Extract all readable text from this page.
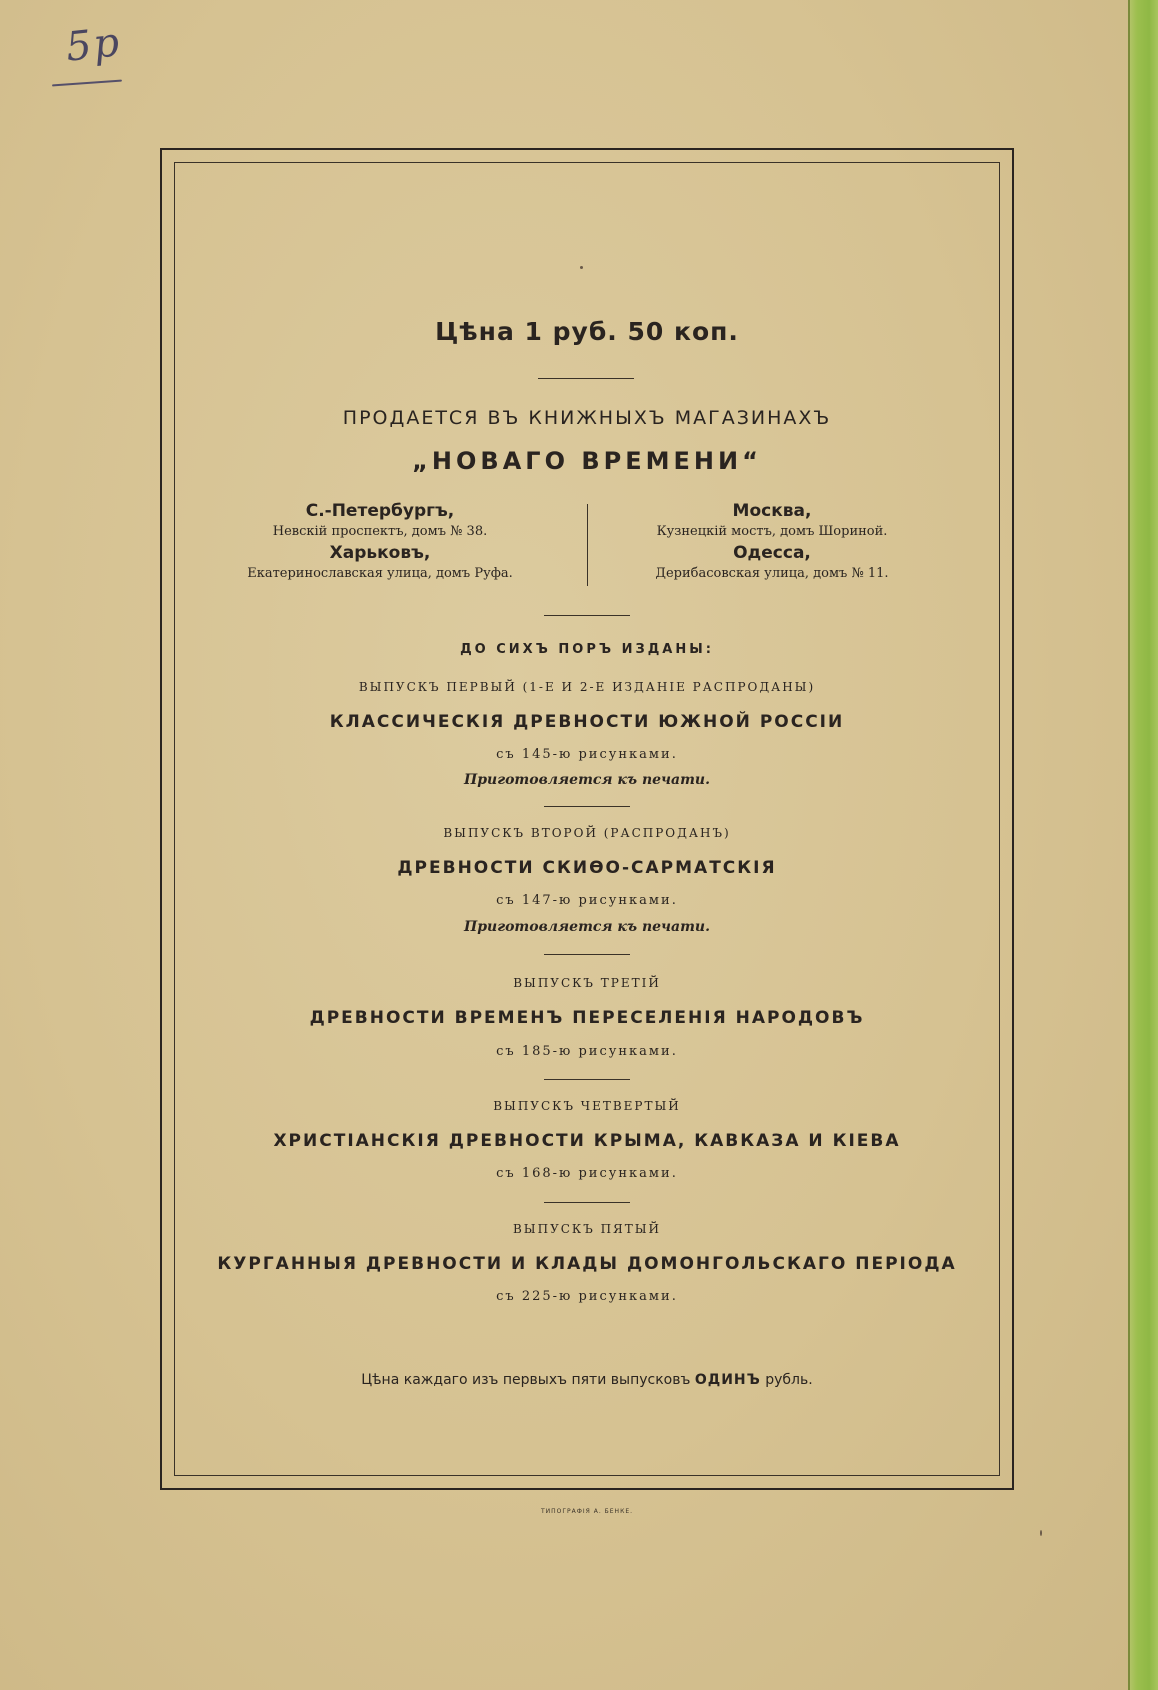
5р
Цѣна 1 руб. 50 коп.
ПРОДАЕТСЯ ВЪ КНИЖНЫХЪ МАГАЗИНАХЪ
„НОВАГО ВРЕМЕНИ“
С.-Петербургъ,
Невскій проспектъ, домъ № 38.
Харьковъ,
Екатеринославская улица, домъ Руфа.
Москва,
Кузнецкій мостъ, домъ Шориной.
Одесса,
Дерибасовская улица, домъ № 11.
ДО СИХЪ ПОРЪ ИЗДАНЫ:
ВЫПУСКЪ ПЕРВЫЙ (1-Е И 2-Е ИЗДАНІЕ РАСПРОДАНЫ)
КЛАССИЧЕСКІЯ ДРЕВНОСТИ ЮЖНОЙ РОССІИ
съ 145-ю рисунками.
Приготовляется къ печати.
ВЫПУСКЪ ВТОРОЙ (РАСПРОДАНЪ)
ДРЕВНОСТИ СКИѲО-САРМАТСКІЯ
съ 147-ю рисунками.
Приготовляется къ печати.
ВЫПУСКЪ ТРЕТІЙ
ДРЕВНОСТИ ВРЕМЕНЪ ПЕРЕСЕЛЕНІЯ НАРОДОВЪ
съ 185-ю рисунками.
ВЫПУСКЪ ЧЕТВЕРТЫЙ
ХРИСТІАНСКІЯ ДРЕВНОСТИ КРЫМА, КАВКАЗА И КІЕВА
съ 168-ю рисунками.
ВЫПУСКЪ ПЯТЫЙ
КУРГАННЫЯ ДРЕВНОСТИ И КЛАДЫ ДОМОНГОЛЬСКАГО ПЕРІОДА
съ 225-ю рисунками.
Цѣна каждаго изъ первыхъ пяти выпусковъ ОДИНЪ рубль.
ТИПОГРАФІЯ А. БЕНКЕ.
